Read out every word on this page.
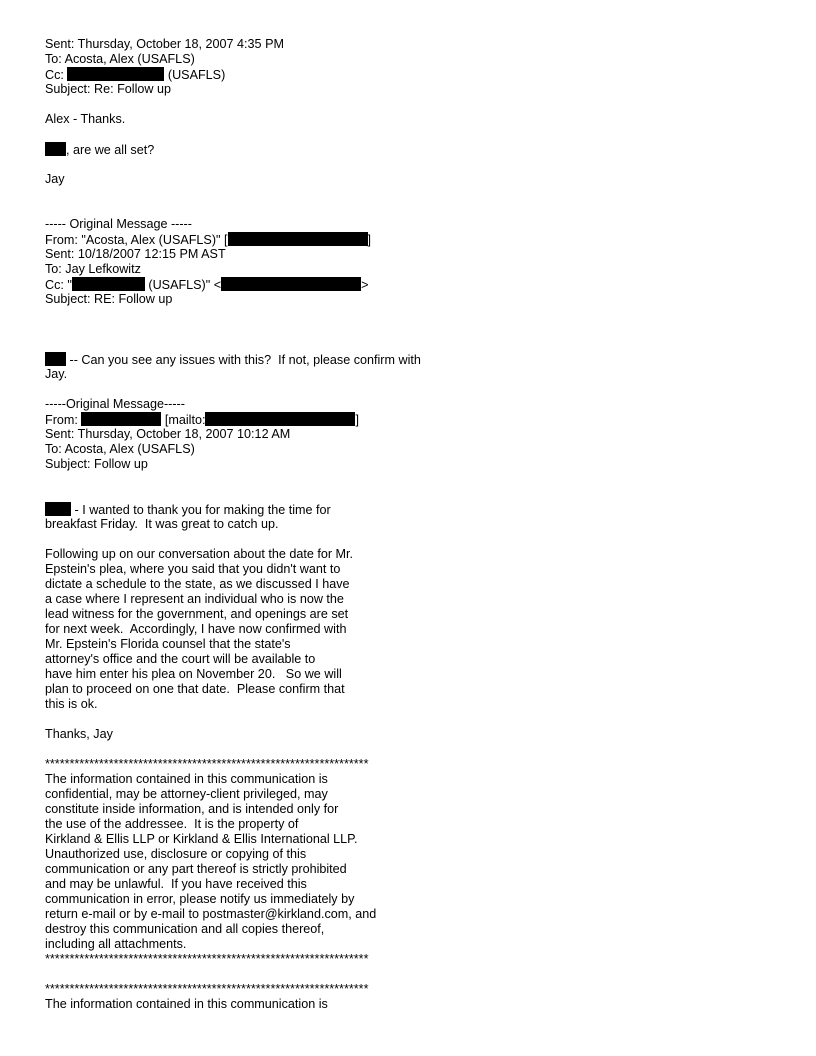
Sent: Thursday, October 18, 2007 4:35 PM
To: Acosta, Alex (USAFLS)
Cc:	(USAFLS)
Subject: Re: Follow up
Alex - Thanks.
, are we all set?
Jay
----- Original Message -----
From: "Acosta, Alex (USAFLS)" [	]
Sent: 10/18/2007 12:15 PM AST
To: Jay Lefkowitz
Cc: "	(USAFLS)" <	>
Subject: RE: Follow up
-- Can you see any issues with this?  If not, please confirm with
Jay.
-----Original Message-----
From:	[mailto:	]
Sent: Thursday, October 18, 2007 10:12 AM
To: Acosta, Alex (USAFLS)
Subject: Follow up
- I wanted to thank you for making the time for
breakfast Friday.  It was great to catch up.
Following up on our conversation about the date for Mr.
Epstein's plea, where you said that you didn't want to
dictate a schedule to the state, as we discussed I have
a case where I represent an individual who is now the
lead witness for the government, and openings are set
for next week.  Accordingly, I have now confirmed with
Mr. Epstein's Florida counsel that the state's
attorney's office and the court will be available to
have him enter his plea on November 20.   So we will
plan to proceed on one that date.  Please confirm that
this is ok.
Thanks, Jay
******************************************************************
The information contained in this communication is
confidential, may be attorney-client privileged, may
constitute inside information, and is intended only for
the use of the addressee.  It is the property of
Kirkland & Ellis LLP or Kirkland & Ellis International LLP.
Unauthorized use, disclosure or copying of this
communication or any part thereof is strictly prohibited
and may be unlawful.  If you have received this
communication in error, please notify us immediately by
return e-mail or by e-mail to postmaster@kirkland.com, and
destroy this communication and all copies thereof,
including all attachments.
******************************************************************
******************************************************************
The information contained in this communication is
